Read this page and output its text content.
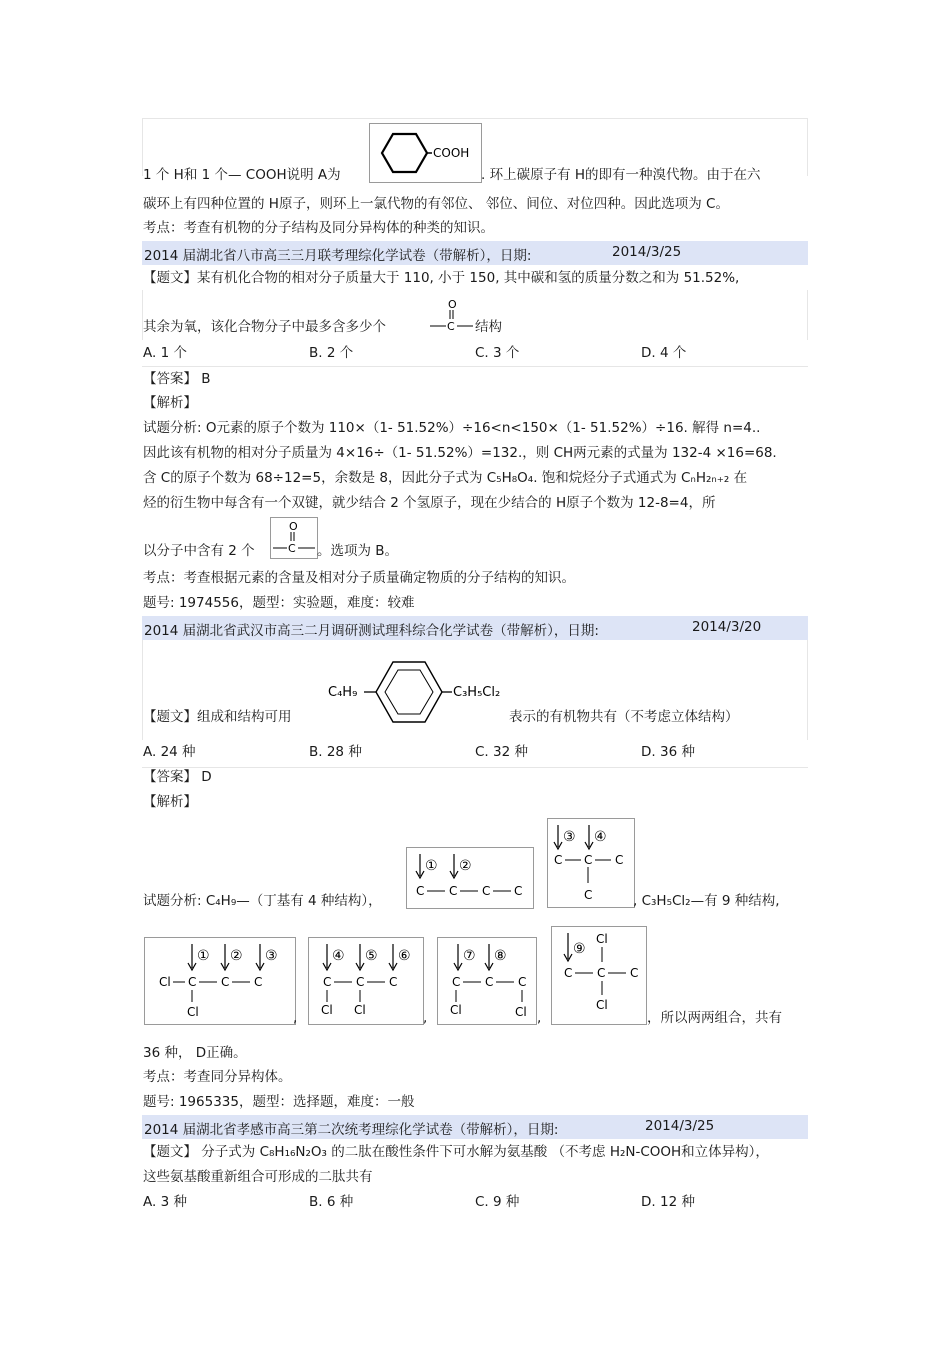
COOH
1 个 H和 1 个— COOH说明 A为	. 环上碳原子有 H的即有一种溴代物。由于在六
碳环上有四种位置的 H原子，则环上一氯代物的有邻位、 邻位、间位、对位四种。因此选项为 C。
考点：考查有机物的分子结构及同分异构体的种类的知识。
2014 届湖北省八市高三三月联考理综化学试卷（带解析），日期:	2014/3/25
【题文】某有机化合物的相对分子质量大于 110, 小于 150, 其中碳和氢的质量分数之和为 51.52%,
其余为氧，该化合物分子中最多含多少个
O
C 结构
A. 1 个	B. 2 个	C. 3 个	D. 4 个
【答案】 B
【解析】
试题分析: O元素的原子个数为 110×（1- 51.52%）÷16<n<150×（1- 51.52%）÷16. 解得 n=4..
因此该有机物的相对分子质量为 4×16÷（1- 51.52%）=132.，则 CH两元素的式量为 132-4 ×16=68.
含 C的原子个数为 68÷12=5，余数是 8，因此分子式为 C₅H₈O₄. 饱和烷烃分子式通式为 CₙH₂ₙ₊₂ 在
烃的衍生物中每含有一个双键，就少结合 2 个氢原子，现在少结合的 H原子个数为 12-8=4，所
以分子中含有 2 个
O
C 。选项为 B。
考点：考查根据元素的含量及相对分子质量确定物质的分子结构的知识。
题号: 1974556，题型：实验题，难度：较难
2014 届湖北省武汉市高三二月调研测试理科综合化学试卷（带解析），日期:	2014/3/20
C₄H₉	C₃H₅Cl₂
【题文】组成和结构可用	表示的有机物共有（不考虑立体结构）
A. 24 种	B. 28 种	C. 32 种	D. 36 种
【答案】 D
【解析】
① ②
C C C C
③ ④
C C C
C
试题分析: C₄H₉—（丁基有 4 种结构），	, C₃H₅Cl₂—有 9 种结构,
① ② ③
Cl C C C
Cl
④ ⑤ ⑥
C C C
Cl Cl
⑦ ⑧
C C C
Cl	Cl
Cl
⑨
C C C
Cl
,	,	,	，所以两两组合，共有
36 种， D正确。
考点：考查同分异构体。
题号: 1965335，题型：选择题，难度：一般
2014 届湖北省孝感市高三第二次统考理综化学试卷（带解析），日期:	2014/3/25
【题文】 分子式为 C₈H₁₆N₂O₃ 的二肽在酸性条件下可水解为氨基酸 （不考虑 H₂N-COOH和立体异构），
这些氨基酸重新组合可形成的二肽共有
A. 3 种	B. 6 种	C. 9 种	D. 12 种
